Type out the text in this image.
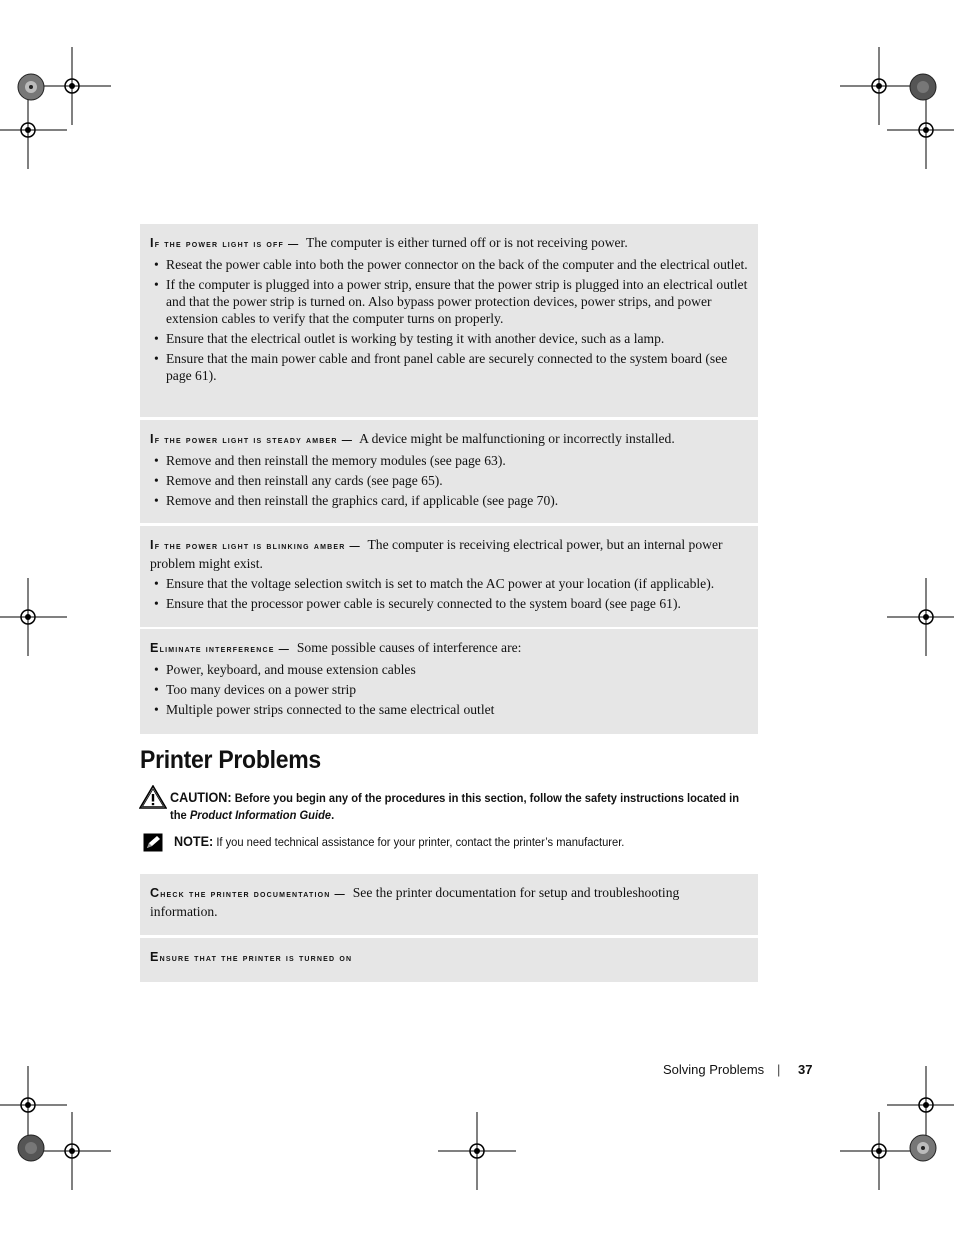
If the power light is off — The computer is either turned off or is not receiving power.

• Reseat the power cable into both the power connector on the back of the computer and the electrical outlet.
• If the computer is plugged into a power strip, ensure that the power strip is plugged into an electrical outlet and that the power strip is turned on. Also bypass power protection devices, power strips, and power extension cables to verify that the computer turns on properly.
• Ensure that the electrical outlet is working by testing it with another device, such as a lamp.
• Ensure that the main power cable and front panel cable are securely connected to the system board (see page 61).

If the power light is steady amber — A device might be malfunctioning or incorrectly installed.

• Remove and then reinstall the memory modules (see page 63).
• Remove and then reinstall any cards (see page 65).
• Remove and then reinstall the graphics card, if applicable (see page 70).

If the power light is blinking amber — The computer is receiving electrical power, but an internal power problem might exist.

• Ensure that the voltage selection switch is set to match the AC power at your location (if applicable).
• Ensure that the processor power cable is securely connected to the system board (see page 61).

Eliminate interference — Some possible causes of interference are:

• Power, keyboard, and mouse extension cables
• Too many devices on a power strip
• Multiple power strips connected to the same electrical outlet
Printer Problems
CAUTION: Before you begin any of the procedures in this section, follow the safety instructions located in the Product Information Guide.
NOTE: If you need technical assistance for your printer, contact the printer’s manufacturer.

Check the printer documentation — See the printer documentation for setup and troubleshooting information.

Ensure that the printer is turned on

Solving Problems | 37
